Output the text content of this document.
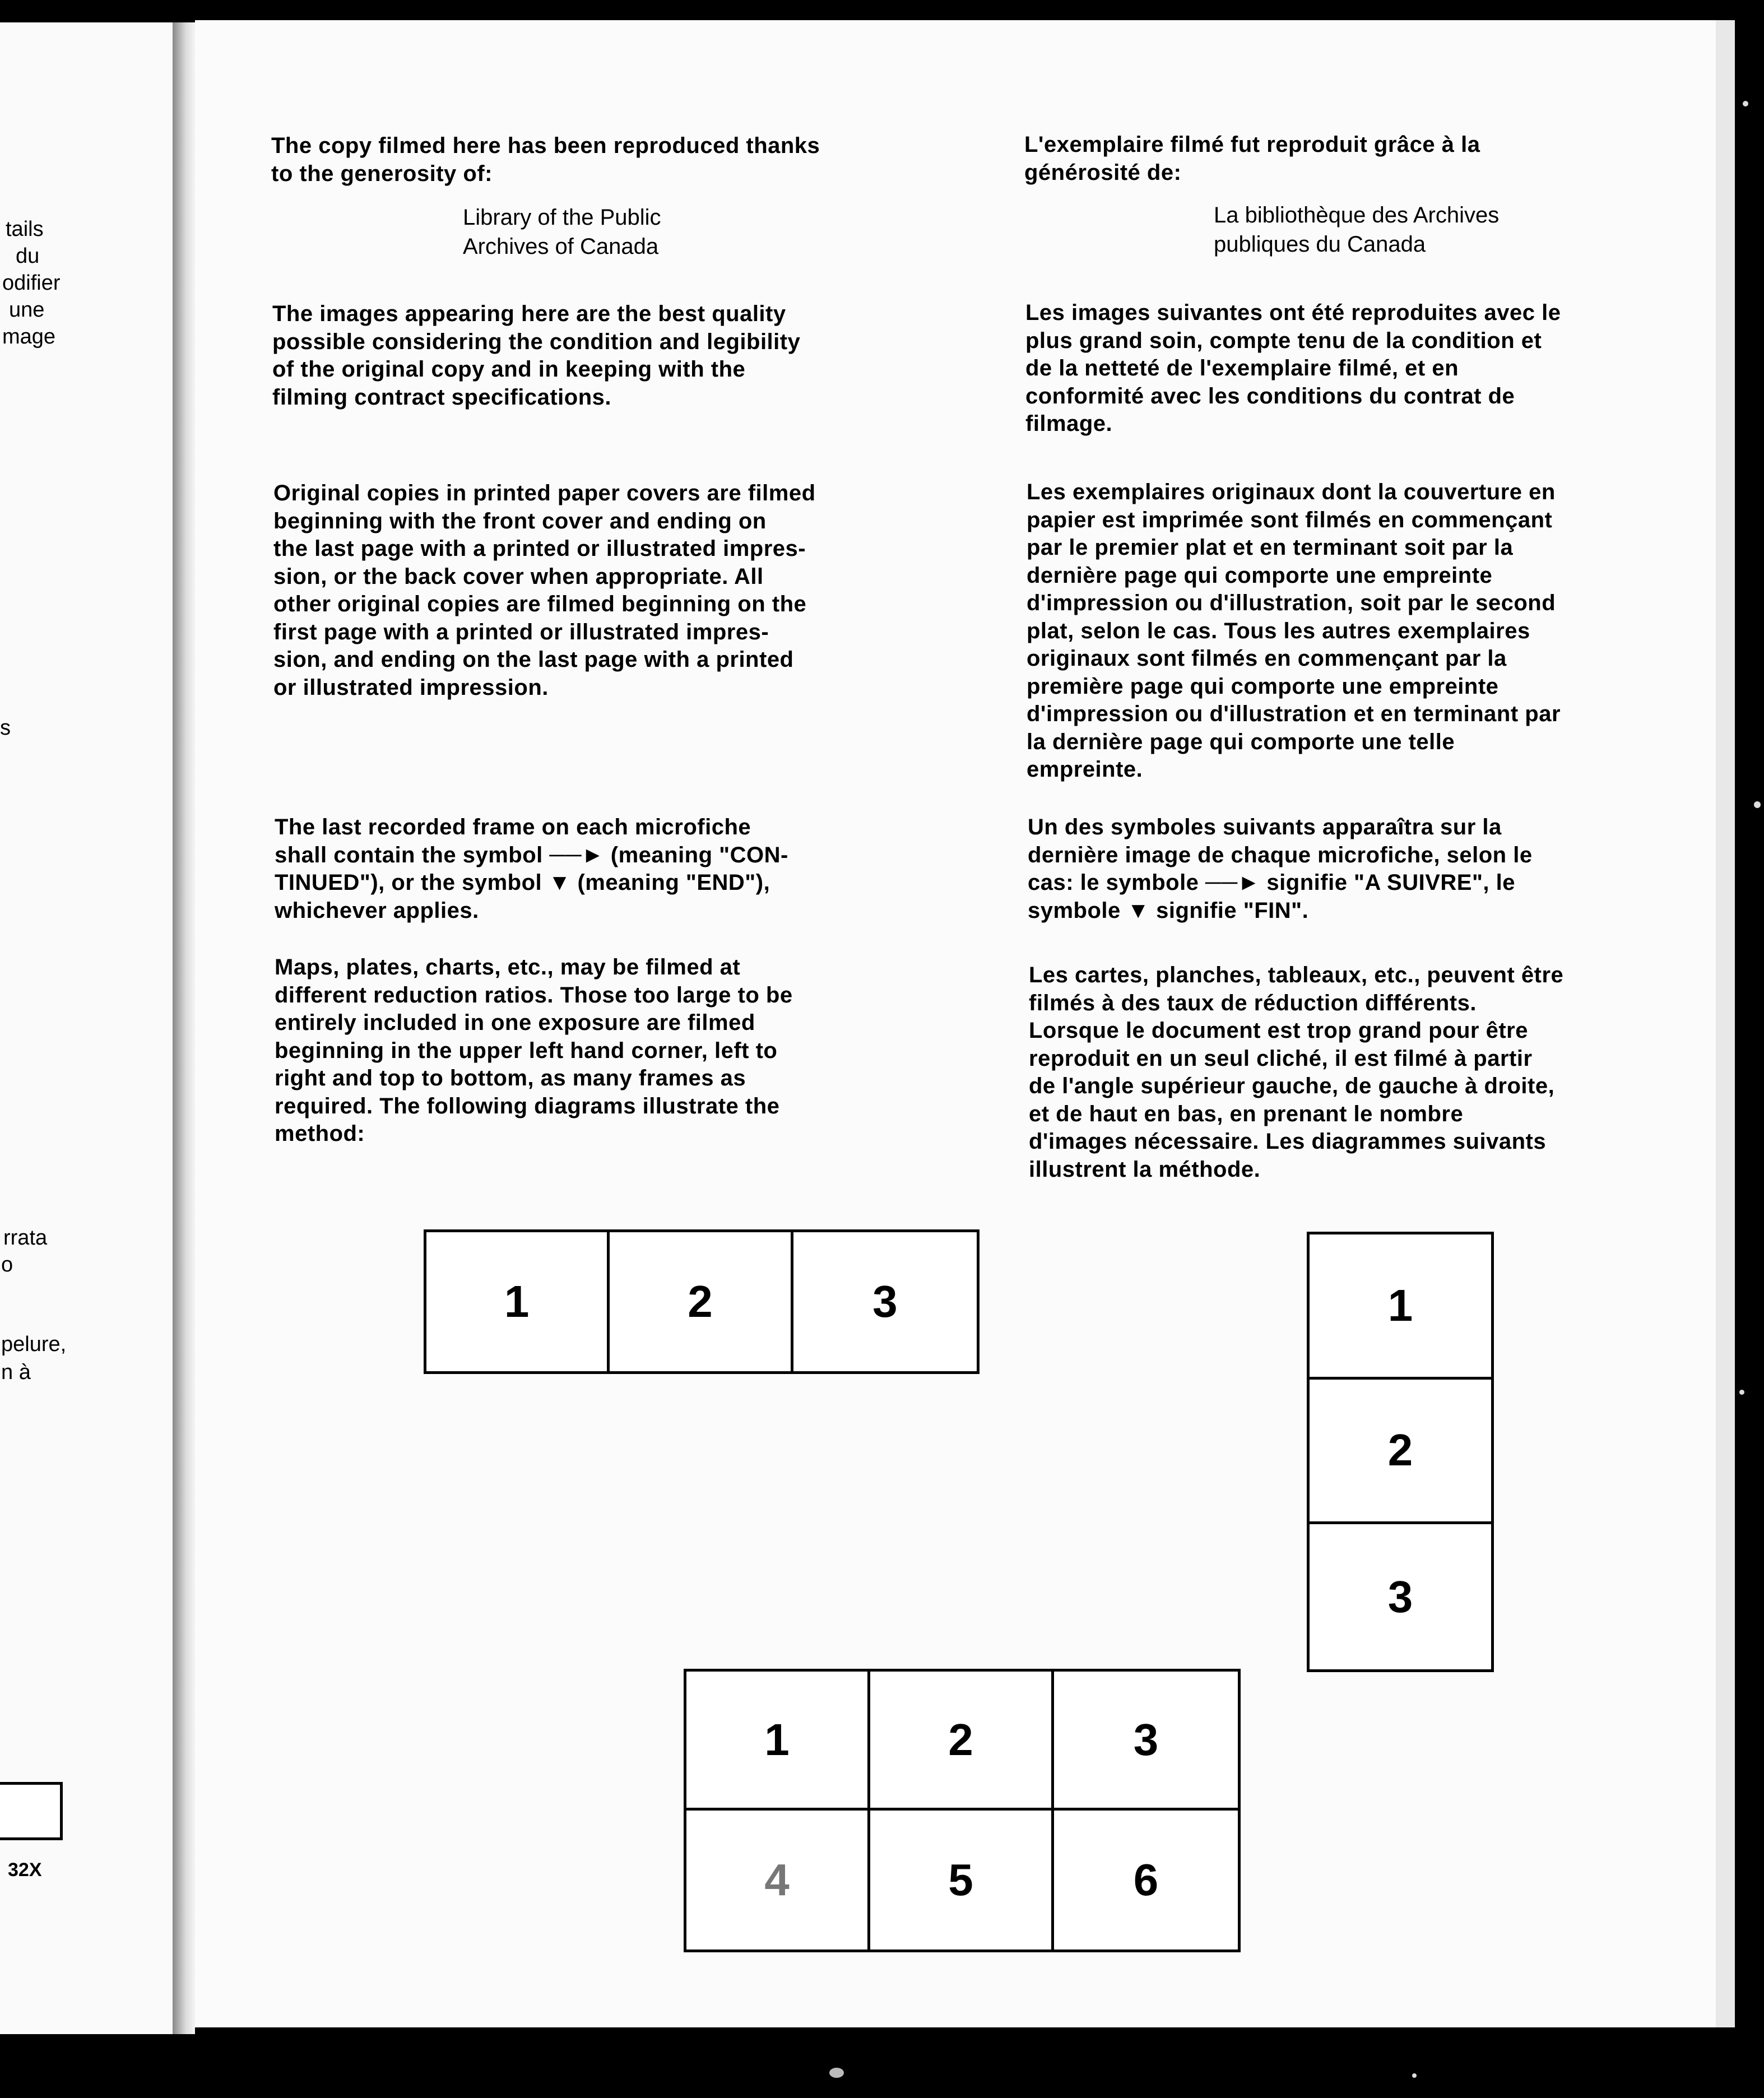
tails
du
odifier
une
mage
s
rrata
o
pelure,
n à
32X
The copy filmed here has been reproduced thanks
to the generosity of:
Library of the Public
Archives of Canada
The images appearing here are the best quality
possible considering the condition and legibility
of the original copy and in keeping with the
filming contract specifications.
Original copies in printed paper covers are filmed
beginning with the front cover and ending on
the last page with a printed or illustrated impres-
sion, or the back cover when appropriate. All
other original copies are filmed beginning on the
first page with a printed or illustrated impres-
sion, and ending on the last page with a printed
or illustrated impression.
The last recorded frame on each microfiche
shall contain the symbol ──► (meaning "CON-
TINUED"), or the symbol ▼ (meaning "END"),
whichever applies.
Maps, plates, charts, etc., may be filmed at
different reduction ratios. Those too large to be
entirely included in one exposure are filmed
beginning in the upper left hand corner, left to
right and top to bottom, as many frames as
required. The following diagrams illustrate the
method:
L'exemplaire filmé fut reproduit grâce à la
générosité de:
La bibliothèque des Archives
publiques du Canada
Les images suivantes ont été reproduites avec le
plus grand soin, compte tenu de la condition et
de la netteté de l'exemplaire filmé, et en
conformité avec les conditions du contrat de
filmage.
Les exemplaires originaux dont la couverture en
papier est imprimée sont filmés en commençant
par le premier plat et en terminant soit par la
dernière page qui comporte une empreinte
d'impression ou d'illustration, soit par le second
plat, selon le cas. Tous les autres exemplaires
originaux sont filmés en commençant par la
première page qui comporte une empreinte
d'impression ou d'illustration et en terminant par
la dernière page qui comporte une telle
empreinte.
Un des symboles suivants apparaîtra sur la
dernière image de chaque microfiche, selon le
cas: le symbole ──► signifie "A SUIVRE", le
symbole ▼ signifie "FIN".
Les cartes, planches, tableaux, etc., peuvent être
filmés à des taux de réduction différents.
Lorsque le document est trop grand pour être
reproduit en un seul cliché, il est filmé à partir
de l'angle supérieur gauche, de gauche à droite,
et de haut en bas, en prenant le nombre
d'images nécessaire. Les diagrammes suivants
illustrent la méthode.
1	2	3	1
2
3
1	2	3
4	5	6
